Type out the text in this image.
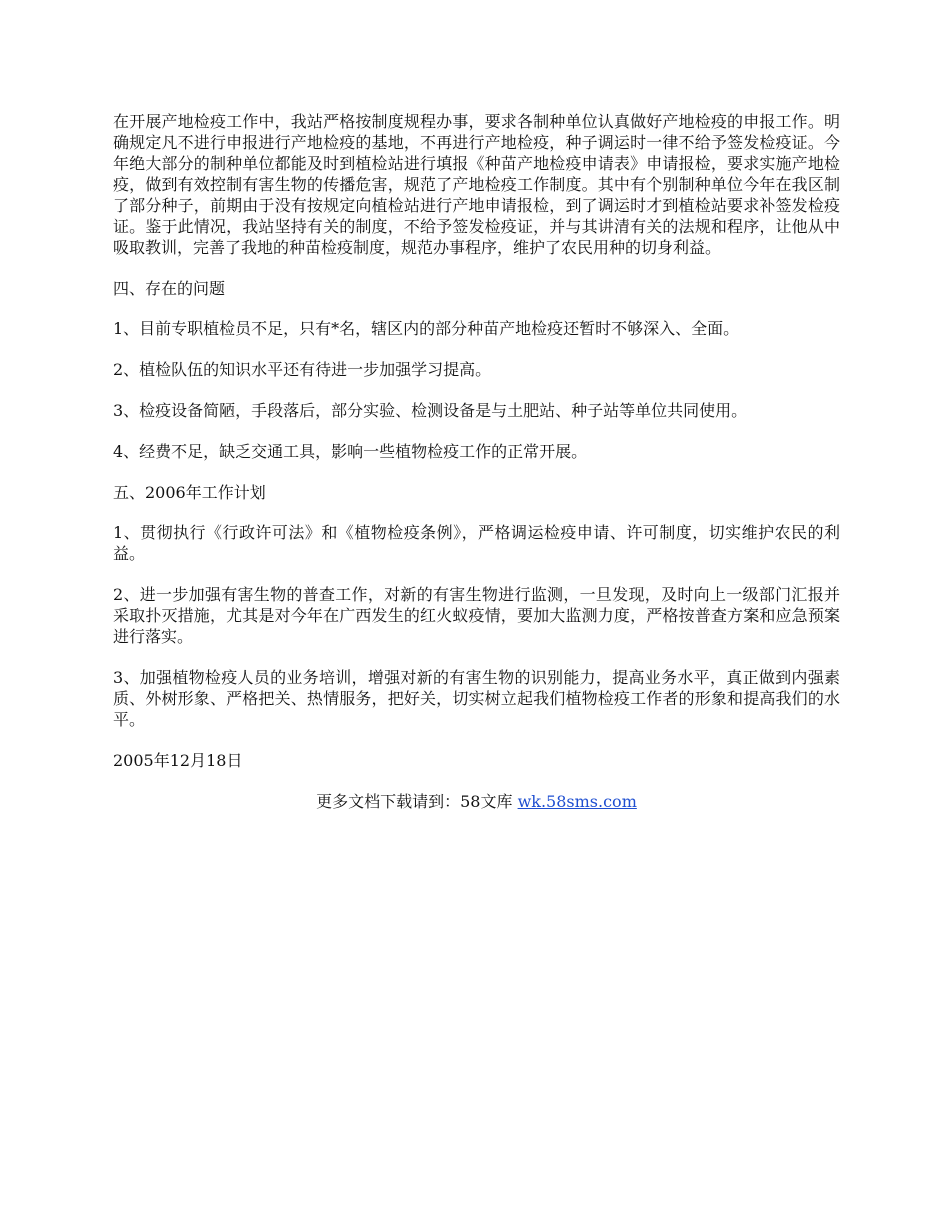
在开展产地检疫工作中，我站严格按制度规程办事，要求各制种单位认真做好产地检疫的申报工作。明确规定凡不进行申报进行产地检疫的基地，不再进行产地检疫，种子调运时一律不给予签发检疫证。今年绝大部分的制种单位都能及时到植检站进行填报《种苗产地检疫申请表》申请报检，要求实施产地检疫，做到有效控制有害生物的传播危害，规范了产地检疫工作制度。其中有个别制种单位今年在我区制了部分种子，前期由于没有按规定向植检站进行产地申请报检，到了调运时才到植检站要求补签发检疫证。鉴于此情况，我站坚持有关的制度，不给予签发检疫证，并与其讲清有关的法规和程序，让他从中吸取教训，完善了我地的种苗检疫制度，规范办事程序，维护了农民用种的切身利益。

四、存在的问题

1、目前专职植检员不足，只有*名，辖区内的部分种苗产地检疫还暂时不够深入、全面。

2、植检队伍的知识水平还有待进一步加强学习提高。

3、检疫设备简陋，手段落后，部分实验、检测设备是与土肥站、种子站等单位共同使用。

4、经费不足，缺乏交通工具，影响一些植物检疫工作的正常开展。

五、2006年工作计划

1、贯彻执行《行政许可法》和《植物检疫条例》，严格调运检疫申请、许可制度，切实维护农民的利益。

2、进一步加强有害生物的普查工作，对新的有害生物进行监测，一旦发现，及时向上一级部门汇报并采取扑灭措施，尤其是对今年在广西发生的红火蚁疫情，要加大监测力度，严格按普查方案和应急预案进行落实。

3、加强植物检疫人员的业务培训，增强对新的有害生物的识别能力，提高业务水平，真正做到内强素质、外树形象、严格把关、热情服务，把好关，切实树立起我们植物检疫工作者的形象和提高我们的水平。

2005年12月18日

更多文档下载请到：58文库 wk.58sms.com
